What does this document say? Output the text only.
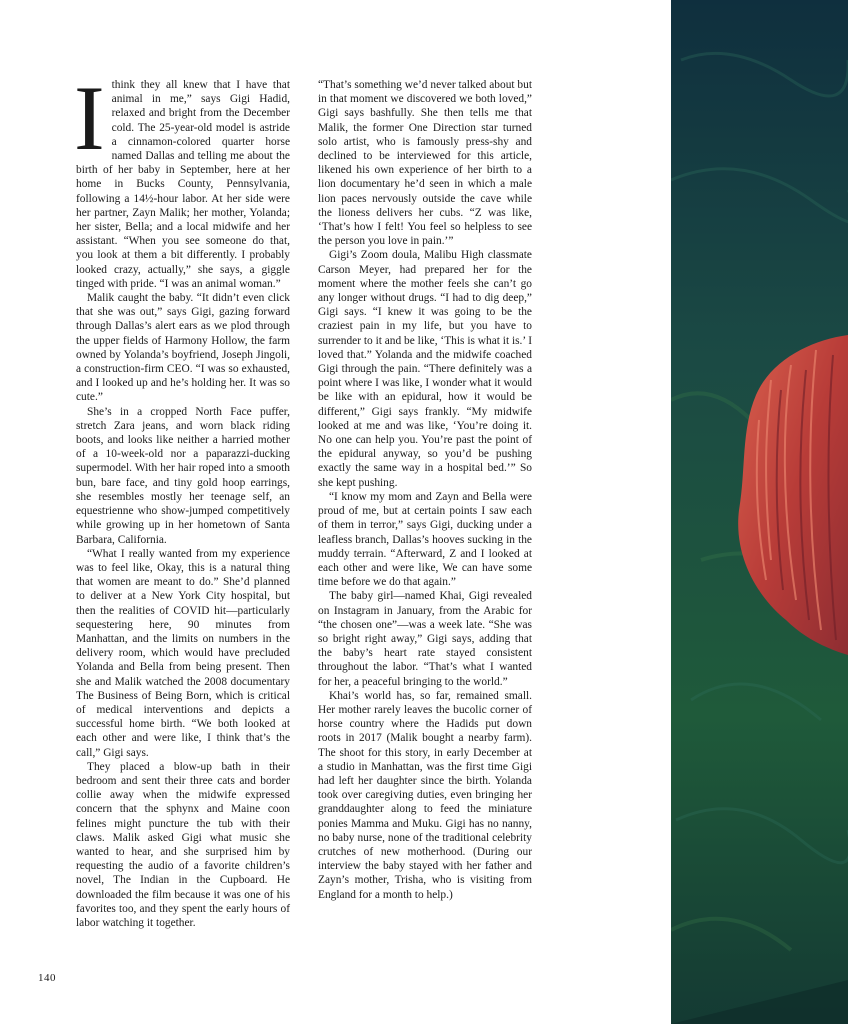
Ithink they all knew that I have that animal in me,” says Gigi Hadid, relaxed and bright from the December cold. The 25-year-old model is astride a cinnamon-colored quarter horse named Dallas and telling me about the birth of her baby in September, here at her home in Bucks County, Pennsylvania, following a 14½-hour labor. At her side were her partner, Zayn Malik; her mother, Yolanda; her sister, Bella; and a local midwife and her assistant. “When you see someone do that, you look at them a bit differently. I probably looked crazy, actually,” she says, a giggle tinged with pride. “I was an animal woman.”

Malik caught the baby. “It didn’t even click that she was out,” says Gigi, gazing forward through Dallas’s alert ears as we plod through the upper fields of Harmony Hollow, the farm owned by Yolanda’s boyfriend, Joseph Jingoli, a construction-firm CEO. “I was so exhausted, and I looked up and he’s holding her. It was so cute.”

She’s in a cropped North Face puffer, stretch Zara jeans, and worn black riding boots, and looks like neither a harried mother of a 10-week-old nor a paparazzi-ducking supermodel. With her hair roped into a smooth bun, bare face, and tiny gold hoop earrings, she resembles mostly her teenage self, an equestrienne who show-jumped competitively while growing up in her hometown of Santa Barbara, California.

“What I really wanted from my experience was to feel like, Okay, this is a natural thing that women are meant to do.” She’d planned to deliver at a New York City hospital, but then the realities of COVID hit—particularly sequestering here, 90 minutes from Manhattan, and the limits on numbers in the delivery room, which would have precluded Yolanda and Bella from being present. Then she and Malik watched the 2008 documentary The Business of Being Born, which is critical of medical interventions and depicts a successful home birth. “We both looked at each other and were like, I think that’s the call,” Gigi says.

They placed a blow-up bath in their bedroom and sent their three cats and border collie away when the midwife expressed concern that the sphynx and Maine coon felines might puncture the tub with their claws. Malik asked Gigi what music she wanted to hear, and she surprised him by requesting the audio of a favorite children’s novel, The Indian in the Cupboard. He downloaded the film because it was one of his favorites too, and they spent the early hours of labor watching it together.

“That’s something we’d never talked about but in that moment we discovered we both loved,” Gigi says bashfully. She then tells me that Malik, the former One Direction star turned solo artist, who is famously press-shy and declined to be interviewed for this article, likened his own experience of her birth to a lion documentary he’d seen in which a male lion paces nervously outside the cave while the lioness delivers her cubs. “Z was like, ‘That’s how I felt! You feel so helpless to see the person you love in pain.’”

Gigi’s Zoom doula, Malibu High classmate Carson Meyer, had prepared her for the moment where the mother feels she can’t go any longer without drugs. “I had to dig deep,” Gigi says. “I knew it was going to be the craziest pain in my life, but you have to surrender to it and be like, ‘This is what it is.’ I loved that.” Yolanda and the midwife coached Gigi through the pain. “There definitely was a point where I was like, I wonder what it would be like with an epidural, how it would be different,” Gigi says frankly. “My midwife looked at me and was like, ‘You’re doing it. No one can help you. You’re past the point of the epidural anyway, so you’d be pushing exactly the same way in a hospital bed.’” So she kept pushing.

“I know my mom and Zayn and Bella were proud of me, but at certain points I saw each of them in terror,” says Gigi, ducking under a leafless branch, Dallas’s hooves sucking in the muddy terrain. “Afterward, Z and I looked at each other and were like, We can have some time before we do that again.”

The baby girl—named Khai, Gigi revealed on Instagram in January, from the Arabic for “the chosen one”—was a week late. “She was so bright right away,” Gigi says, adding that the baby’s heart rate stayed consistent throughout the labor. “That’s what I wanted for her, a peaceful bringing to the world.”

Khai’s world has, so far, remained small. Her mother rarely leaves the bucolic corner of horse country where the Hadids put down roots in 2017 (Malik bought a nearby farm). The shoot for this story, in early December at a studio in Manhattan, was the first time Gigi had left her daughter since the birth. Yolanda took over caregiving duties, even bringing her granddaughter along to feed the miniature ponies Mamma and Muku. Gigi has no nanny, no baby nurse, none of the traditional celebrity crutches of new motherhood. (During our interview the baby stayed with her father and Zayn’s mother, Trisha, who is visiting from England for a month to help.)

140
